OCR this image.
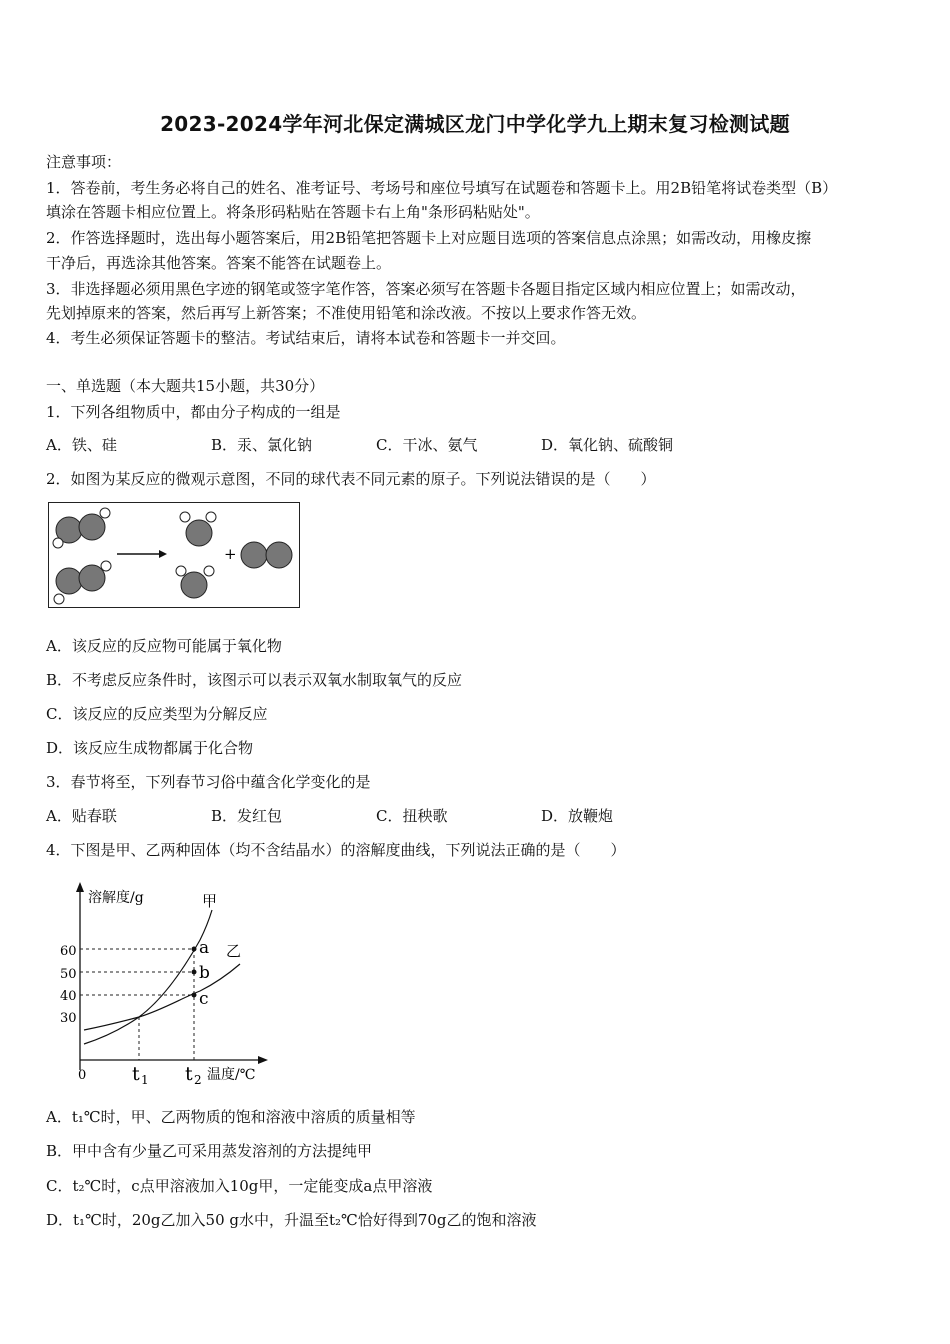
2023-2024学年河北保定满城区龙门中学化学九上期末复习检测试题
注意事项：
1．答卷前，考生务必将自己的姓名、准考证号、考场号和座位号填写在试题卷和答题卡上。用2B铅笔将试卷类型（B）
填涂在答题卡相应位置上。将条形码粘贴在答题卡右上角"条形码粘贴处"。
2．作答选择题时，选出每小题答案后，用2B铅笔把答题卡上对应题目选项的答案信息点涂黑；如需改动，用橡皮擦
干净后，再选涂其他答案。答案不能答在试题卷上。
3．非选择题必须用黑色字迹的钢笔或签字笔作答，答案必须写在答题卡各题目指定区域内相应位置上；如需改动，
先划掉原来的答案，然后再写上新答案；不准使用铅笔和涂改液。不按以上要求作答无效。
4．考生必须保证答题卡的整洁。考试结束后，请将本试卷和答题卡一并交回。
一、单选题（本大题共15小题，共30分）
1．下列各组物质中，都由分子构成的一组是
A．铁、硅	B．汞、氯化钠	C．干冰、氨气	D．氧化钠、硫酸铜
2．如图为某反应的微观示意图，不同的球代表不同元素的原子。下列说法错误的是（　　）
+
A．该反应的反应物可能属于氧化物
B．不考虑反应条件时，该图示可以表示双氧水制取氧气的反应
C．该反应的反应类型为分解反应
D．该反应生成物都属于化合物
3．春节将至，下列春节习俗中蕴含化学变化的是
A．贴春联	B．发红包	C．扭秧歌	D．放鞭炮
4．下图是甲、乙两种固体（均不含结晶水）的溶解度曲线，下列说法正确的是（　　）
溶解度/g	甲
乙
60
50
40
30
a
b
c
0 t 1 t 2 温度/℃
A．t₁℃时，甲、乙两物质的饱和溶液中溶质的质量相等
B．甲中含有少量乙可采用蒸发溶剂的方法提纯甲
C．t₂℃时，c点甲溶液加入10g甲，一定能变成a点甲溶液
D．t₁℃时，20g乙加入50 g水中，升温至t₂℃恰好得到70g乙的饱和溶液
